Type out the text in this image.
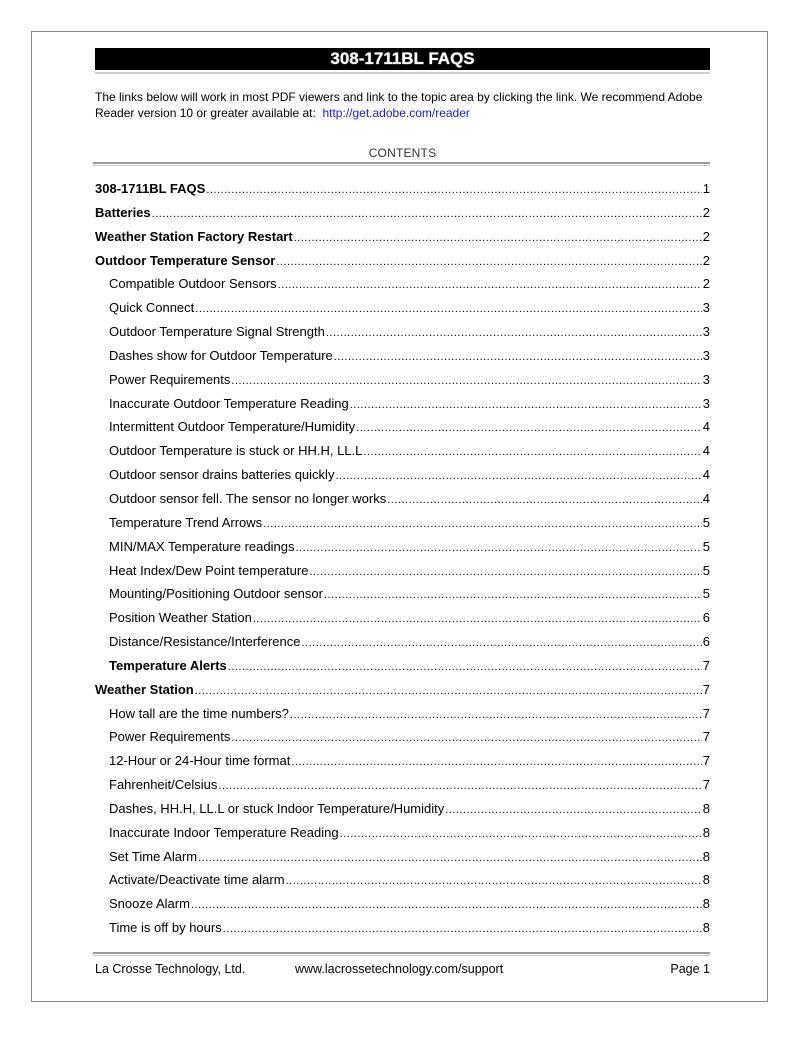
308-1711BL FAQS
The links below will work in most PDF viewers and link to the topic area by clicking the link. We recommend Adobe Reader version 10 or greater available at: http://get.adobe.com/reader
CONTENTS
308-1711BL FAQS .....	1
Batteries .....	2
Weather Station Factory Restart .....	2
Outdoor Temperature Sensor .....	2
Compatible Outdoor Sensors .....	2
Quick Connect .....	3
Outdoor Temperature Signal Strength .....	3
Dashes show for Outdoor Temperature .....	3
Power Requirements .....	3
Inaccurate Outdoor Temperature Reading .....	3
Intermittent Outdoor Temperature/Humidity .....	4
Outdoor Temperature is stuck or HH.H, LL.L .....	4
Outdoor sensor drains batteries quickly .....	4
Outdoor sensor fell. The sensor no longer works .....	4
Temperature Trend Arrows .....	5
MIN/MAX Temperature readings .....	5
Heat Index/Dew Point temperature .....	5
Mounting/Positioning Outdoor sensor .....	5
Position Weather Station .....	6
Distance/Resistance/Interference .....	6
Temperature Alerts .....	7
Weather Station .....	7
How tall are the time numbers? .....	7
Power Requirements .....	7
12-Hour or 24-Hour time format .....	7
Fahrenheit/Celsius .....	7
Dashes, HH.H, LL.L or stuck Indoor Temperature/Humidity .....	8
Inaccurate Indoor Temperature Reading .....	8
Set Time Alarm .....	8
Activate/Deactivate time alarm .....	8
Snooze Alarm .....	8
Time is off by hours .....	8
La Crosse Technology, Ltd.	www.lacrossetechnology.com/support	Page 1
